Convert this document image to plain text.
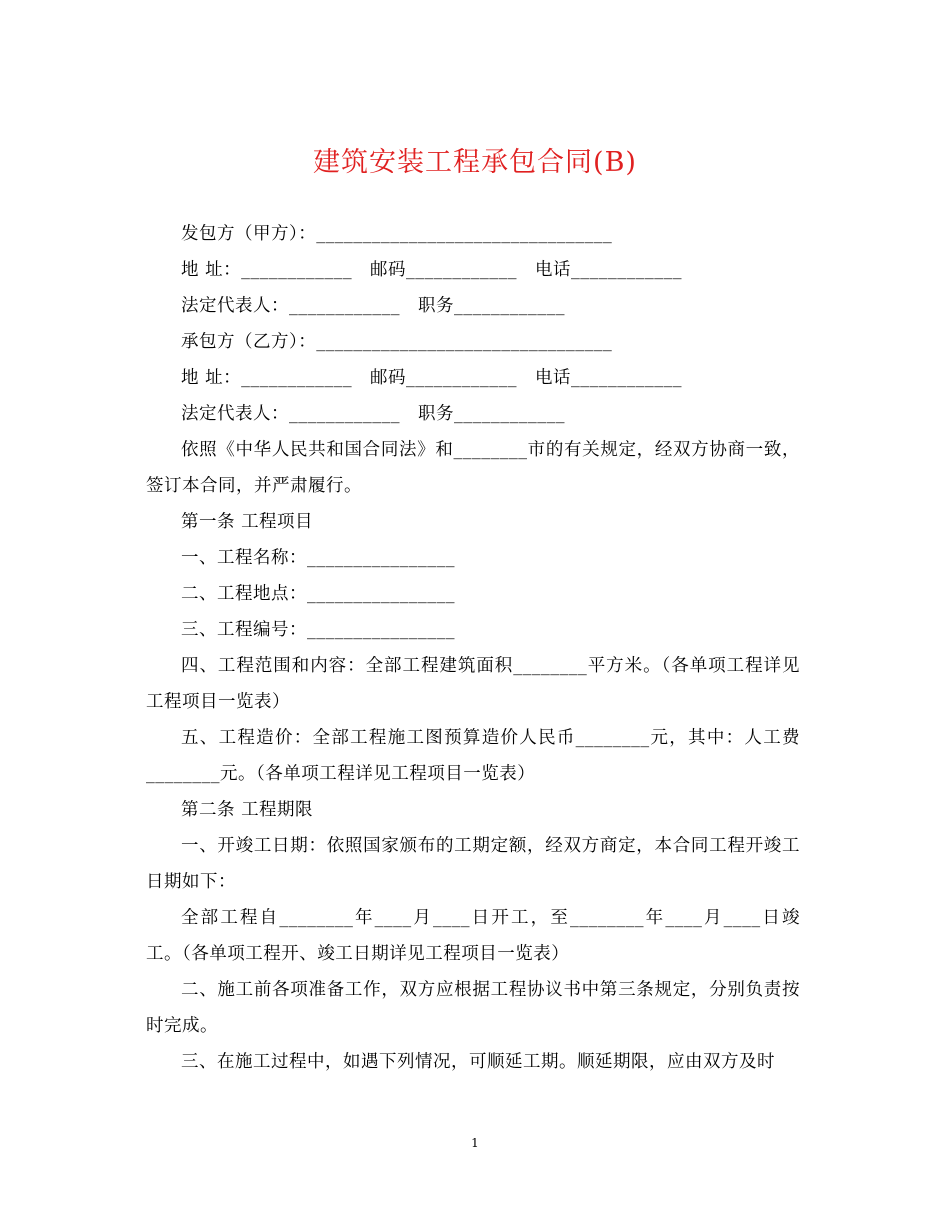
建筑安装工程承包合同(B)

发包方（甲方）：________________________________

地 址：____________　邮码____________　电话____________

法定代表人：____________　职务____________

承包方（乙方）：________________________________

地 址：____________　邮码____________　电话____________

法定代表人：____________　职务____________

依照《中华人民共和国合同法》和________市的有关规定，经双方协商一致，签订本合同，并严肃履行。

第一条 工程项目

一、工程名称：________________

二、工程地点：________________

三、工程编号：________________

四、工程范围和内容：全部工程建筑面积________平方米。（各单项工程详见工程项目一览表）

五、工程造价：全部工程施工图预算造价人民币________元，其中：人工费________元。（各单项工程详见工程项目一览表）

第二条 工程期限

一、开竣工日期：依照国家颁布的工期定额，经双方商定，本合同工程开竣工日期如下：

全部工程自________年____月____日开工，至________年____月____日竣工。（各单项工程开、竣工日期详见工程项目一览表）

二、施工前各项准备工作，双方应根据工程协议书中第三条规定，分别负责按时完成。

三、在施工过程中，如遇下列情况，可顺延工期。顺延期限，应由双方及时

1
